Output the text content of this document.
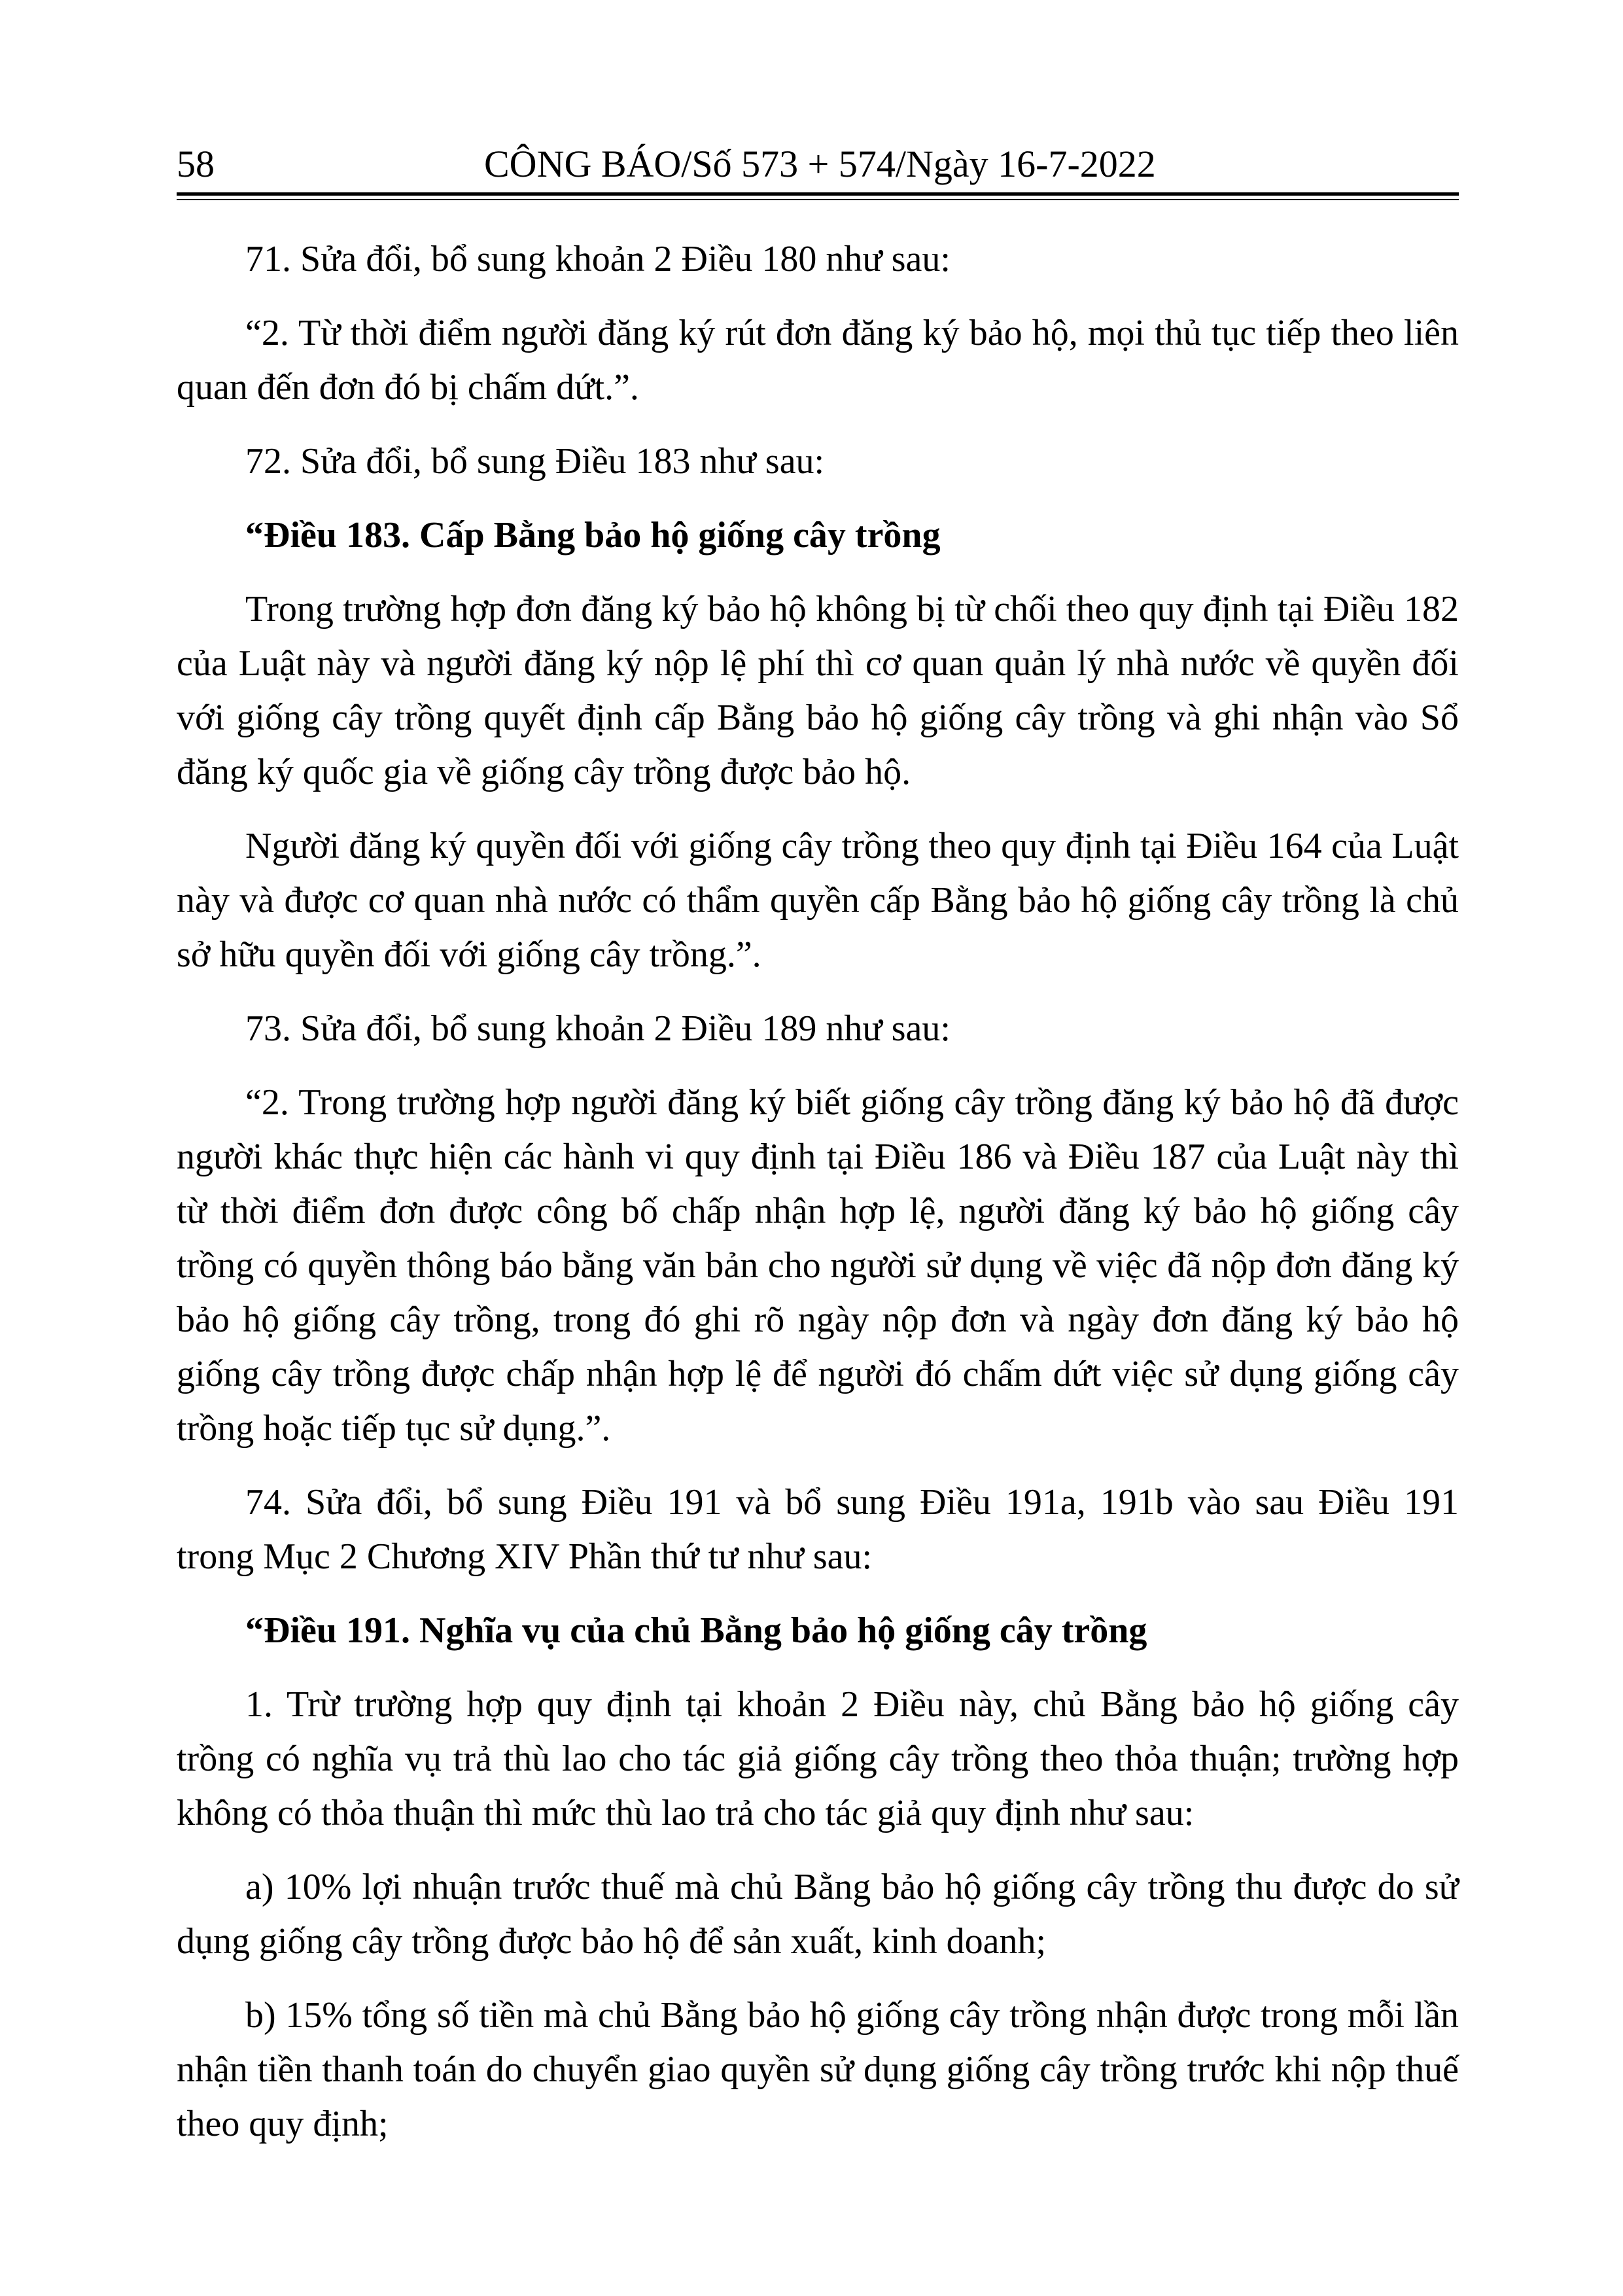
58	CÔNG BÁO/Số 573 + 574/Ngày 16-7-2022

71. Sửa đổi, bổ sung khoản 2 Điều 180 như sau:

“2. Từ thời điểm người đăng ký rút đơn đăng ký bảo hộ, mọi thủ tục tiếp theo liên quan đến đơn đó bị chấm dứt.”.

72. Sửa đổi, bổ sung Điều 183 như sau:

“Điều 183. Cấp Bằng bảo hộ giống cây trồng

Trong trường hợp đơn đăng ký bảo hộ không bị từ chối theo quy định tại Điều 182 của Luật này và người đăng ký nộp lệ phí thì cơ quan quản lý nhà nước về quyền đối với giống cây trồng quyết định cấp Bằng bảo hộ giống cây trồng và ghi nhận vào Sổ đăng ký quốc gia về giống cây trồng được bảo hộ.

Người đăng ký quyền đối với giống cây trồng theo quy định tại Điều 164 của Luật này và được cơ quan nhà nước có thẩm quyền cấp Bằng bảo hộ giống cây trồng là chủ sở hữu quyền đối với giống cây trồng.”.

73. Sửa đổi, bổ sung khoản 2 Điều 189 như sau:

“2. Trong trường hợp người đăng ký biết giống cây trồng đăng ký bảo hộ đã được người khác thực hiện các hành vi quy định tại Điều 186 và Điều 187 của Luật này thì từ thời điểm đơn được công bố chấp nhận hợp lệ, người đăng ký bảo hộ giống cây trồng có quyền thông báo bằng văn bản cho người sử dụng về việc đã nộp đơn đăng ký bảo hộ giống cây trồng, trong đó ghi rõ ngày nộp đơn và ngày đơn đăng ký bảo hộ giống cây trồng được chấp nhận hợp lệ để người đó chấm dứt việc sử dụng giống cây trồng hoặc tiếp tục sử dụng.”.

74. Sửa đổi, bổ sung Điều 191 và bổ sung Điều 191a, 191b vào sau Điều 191 trong Mục 2 Chương XIV Phần thứ tư như sau:

“Điều 191. Nghĩa vụ của chủ Bằng bảo hộ giống cây trồng

1. Trừ trường hợp quy định tại khoản 2 Điều này, chủ Bằng bảo hộ giống cây trồng có nghĩa vụ trả thù lao cho tác giả giống cây trồng theo thỏa thuận; trường hợp không có thỏa thuận thì mức thù lao trả cho tác giả quy định như sau:

a) 10% lợi nhuận trước thuế mà chủ Bằng bảo hộ giống cây trồng thu được do sử dụng giống cây trồng được bảo hộ để sản xuất, kinh doanh;

b) 15% tổng số tiền mà chủ Bằng bảo hộ giống cây trồng nhận được trong mỗi lần nhận tiền thanh toán do chuyển giao quyền sử dụng giống cây trồng trước khi nộp thuế theo quy định;
